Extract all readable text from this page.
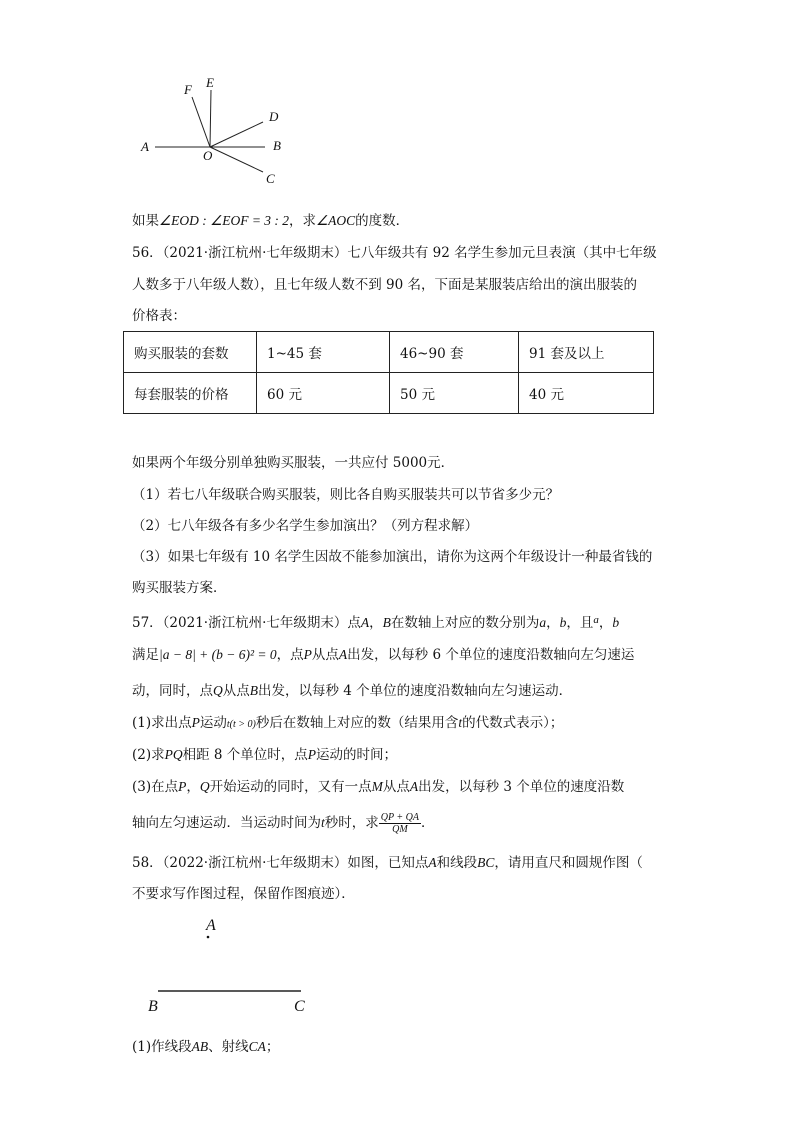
A	B
C
D
E
F
O
如果∠EOD : ∠EOF = 3 : 2，求∠AOC的度数．
56．（2021·浙江杭州·七年级期末）七八年级共有 92 名学生参加元旦表演（其中七年级
人数多于八年级人数），且七年级人数不到 90 名，下面是某服装店给出的演出服装的
价格表：
购买服装的套数	1~45 套	46~90 套	91 套及以上
每套服装的价格	60 元	50 元	40 元
如果两个年级分别单独购买服装，一共应付 5000元．
（1）若七八年级联合购买服装，则比各自购买服装共可以节省多少元？
（2）七八年级各有多少名学生参加演出？（列方程求解）
（3）如果七年级有 10 名学生因故不能参加演出，请你为这两个年级设计一种最省钱的
购买服装方案．
57．（2021·浙江杭州·七年级期末）点A，B在数轴上对应的数分别为a，b，且$^a$，b
满足|a − 8| + (b − 6)² = 0，点P从点A出发，以每秒 6 个单位的速度沿数轴向左匀速运
动，同时，点Q从点B出发，以每秒 4 个单位的速度沿数轴向左匀速运动．
(1)求出点P运动t(t > 0)秒后在数轴上对应的数（结果用含t的代数式表示）；
(2)求PQ相距 8 个单位时，点P运动的时间；
(3)在点P，Q开始运动的同时，又有一点M从点A出发，以每秒 3 个单位的速度沿数
轴向左匀速运动．当运动时间为t秒时，求 $\frac{QP + QA}{QM}$ ．
58．（2022·浙江杭州·七年级期末）如图，已知点A和线段BC，请用直尺和圆规作图（
不要求写作图过程，保留作图痕迹）．
A
B	C
(1)作线段AB、射线CA；
